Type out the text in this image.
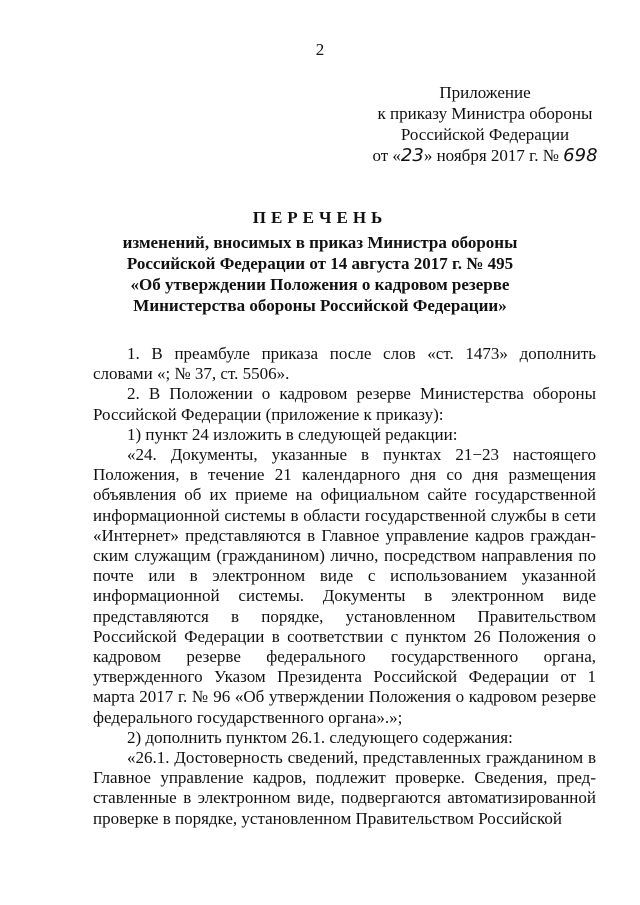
2
Приложение
к приказу Министра обороны
Российской Федерации
от «23» ноября 2017 г. № 698
ПЕРЕЧЕНЬ
изменений, вносимых в приказ Министра обороны
Российской Федерации от 14 августа 2017 г. № 495
«Об утверждении Положения о кадровом резерве
Министерства обороны Российской Федерации»

1. В преамбуле приказа после слов «ст. 1473» дополнить словами «; № 37, ст. 5506».

2. В Положении о кадровом резерве Министерства обороны Российской Федерации (приложение к приказу):

1) пункт 24 изложить в следующей редакции:

«24. Документы, указанные в пунктах 21−23 настоящего Положения, в течение 21 календарного дня со дня размещения объявления об их приеме на официальном сайте государственной информационной системы в области государственной службы в сети «Интернет» представляются в Главное управление кадров гражданским служащим (гражданином) лично, посредством направления по почте или в электронном виде с использованием указанной информационной системы. Документы в электронном виде представляются в порядке, установленном Правительством Российской Федерации в соответствии с пунктом 26 Положения о кадровом резерве федерального государственного органа, утвержденного Указом Президента Российской Федерации от 1 марта 2017 г. № 96 «Об утверждении Положения о кадровом резерве федерального государственного органа».»;

2) дополнить пунктом 26.1. следующего содержания:

«26.1. Достоверность сведений, представленных гражданином в Главное управление кадров, подлежит проверке. Сведения, представленные в электронном виде, подвергаются автоматизированной проверке в порядке, установленном Правительством Российской
